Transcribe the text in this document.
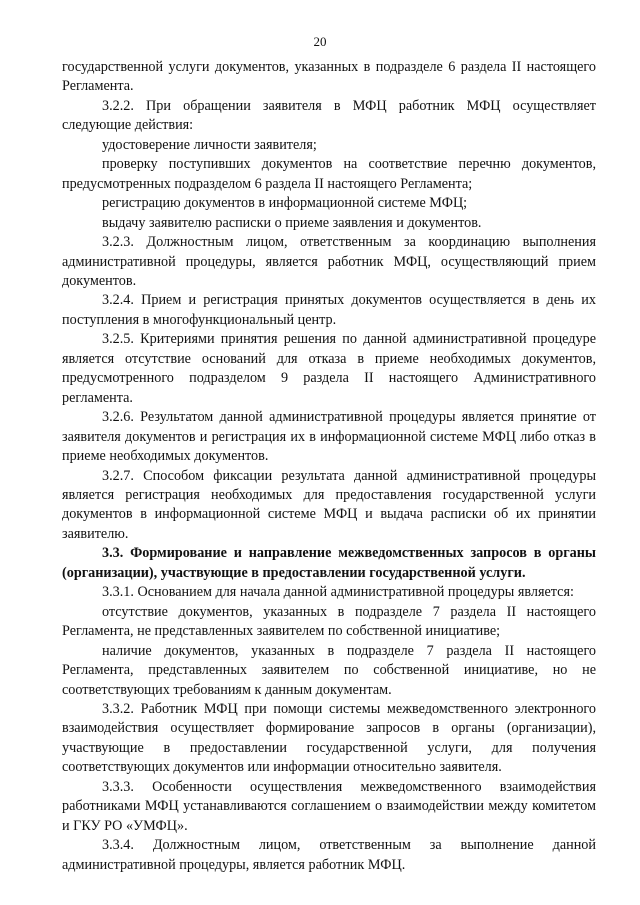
20

государственной услуги документов, указанных в подразделе 6 раздела II настоящего Регламента.

3.2.2. При обращении заявителя в МФЦ работник МФЦ осуществляет следующие действия:

удостоверение личности заявителя;

проверку поступивших документов на соответствие перечню документов, предусмотренных подразделом 6 раздела II настоящего Регламента;

регистрацию документов в информационной системе МФЦ;

выдачу заявителю расписки о приеме заявления и документов.

3.2.3. Должностным лицом, ответственным за координацию выполнения административной процедуры, является работник МФЦ, осуществляющий прием документов.

3.2.4. Прием и регистрация принятых документов осуществляется в день их поступления в многофункциональный центр.

3.2.5. Критериями принятия решения по данной административной процедуре является отсутствие оснований для отказа в приеме необходимых документов, предусмотренного подразделом 9 раздела II настоящего Административного регламента.

3.2.6. Результатом данной административной процедуры является принятие от заявителя документов и регистрация их в информационной системе МФЦ либо отказ в приеме необходимых документов.

3.2.7. Способом фиксации результата данной административной процедуры является регистрация необходимых для предоставления государственной услуги документов в информационной системе МФЦ и выдача расписки об их принятии заявителю.

3.3. Формирование и направление межведомственных запросов в органы (организации), участвующие в предоставлении государственной услуги.

3.3.1. Основанием для начала данной административной процедуры является:

отсутствие документов, указанных в подразделе 7 раздела II настоящего Регламента, не представленных заявителем по собственной инициативе;

наличие документов, указанных в подразделе 7 раздела II настоящего Регламента, представленных заявителем по собственной инициативе, но не соответствующих требованиям к данным документам.

3.3.2. Работник МФЦ при помощи системы межведомственного электронного взаимодействия осуществляет формирование запросов в органы (организации), участвующие в предоставлении государственной услуги, для получения соответствующих документов или информации относительно заявителя.

3.3.3. Особенности осуществления межведомственного взаимодействия работниками МФЦ устанавливаются соглашением о взаимодействии между комитетом и ГКУ РО «УМФЦ».

3.3.4. Должностным лицом, ответственным за выполнение данной административной процедуры, является работник МФЦ.
